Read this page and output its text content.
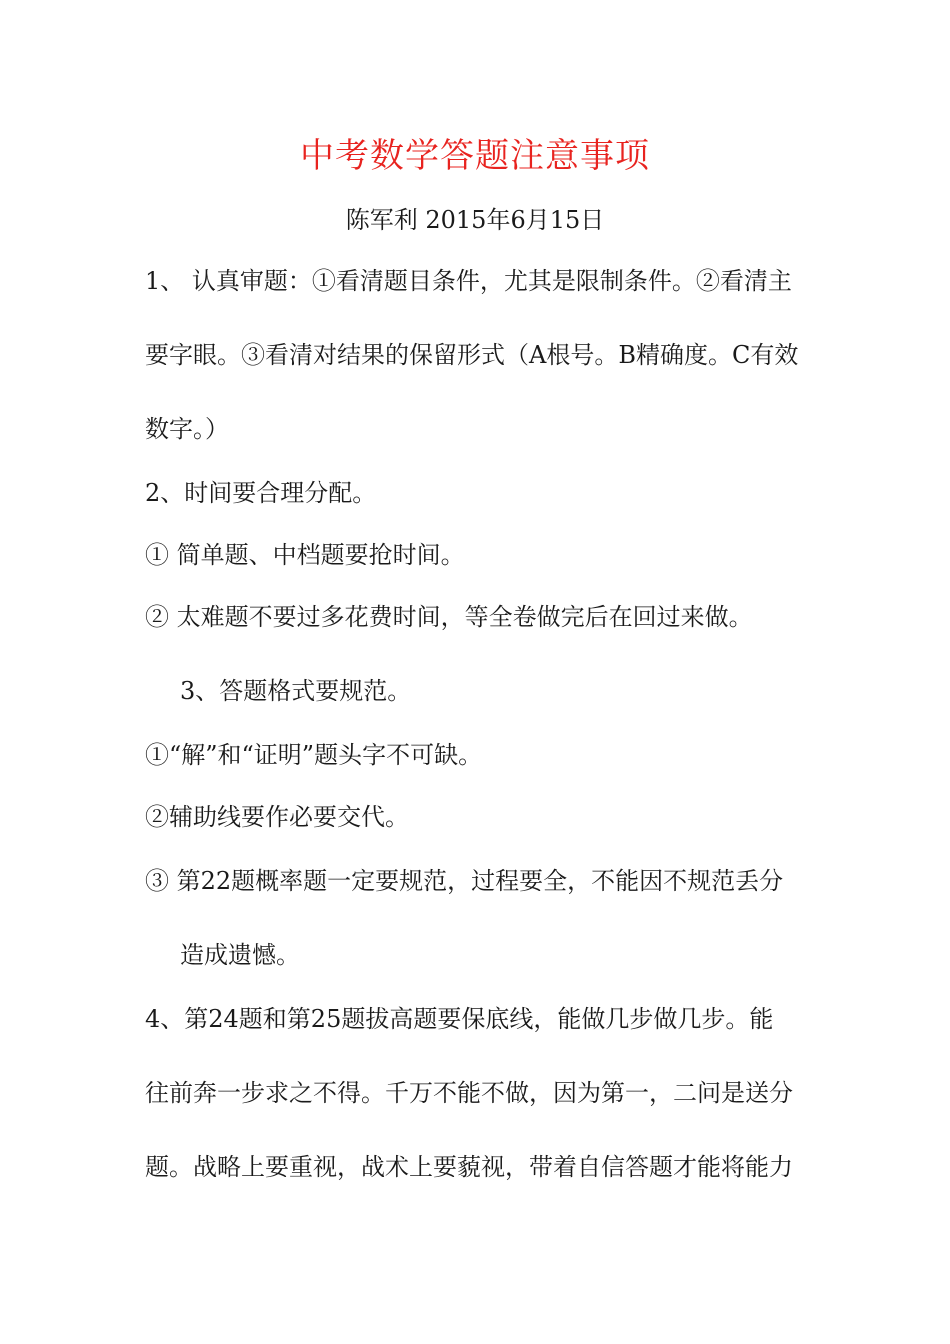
中考数学答题注意事项
陈军利 2015年6月15日
1、 认真审题：①看清题目条件，尤其是限制条件。②看清主
要字眼。③看清对结果的保留形式（A根号。B精确度。C有效
数字。）
2、时间要合理分配。
① 简单题、中档题要抢时间。
② 太难题不要过多花费时间，等全卷做完后在回过来做。
3、答题格式要规范。
①“解”和“证明”题头字不可缺。
②辅助线要作必要交代。
③ 第22题概率题一定要规范，过程要全，不能因不规范丢分
造成遗憾。
4、第24题和第25题拔高题要保底线，能做几步做几步。能
往前奔一步求之不得。千万不能不做，因为第一，二问是送分
题。战略上要重视，战术上要藐视，带着自信答题才能将能力
